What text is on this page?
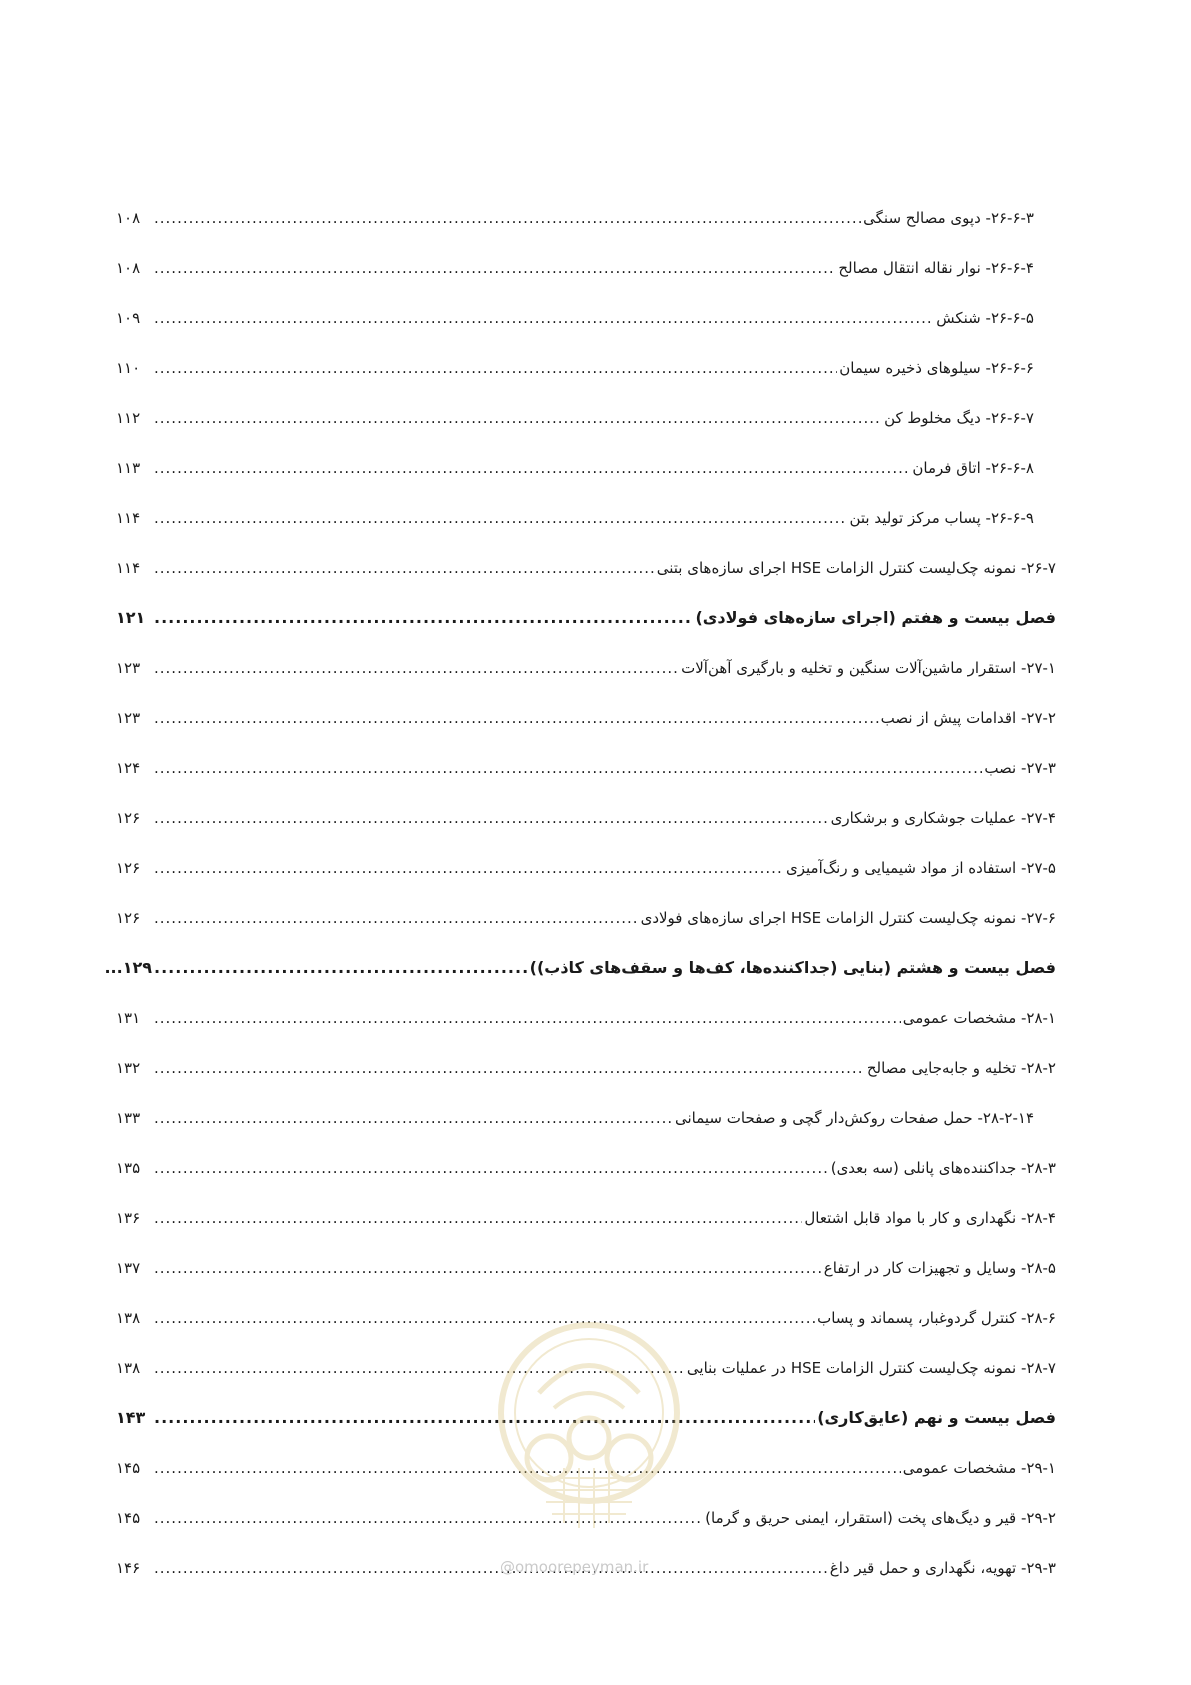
۲۶-۶-۳- دپوی مصالح سنگی
.....
۱۰۸
۲۶-۶-۴- نوار نقاله انتقال مصالح
.....
۱۰۸
۲۶-۶-۵- شنکش
.....
۱۰۹
۲۶-۶-۶- سیلوهای ذخیره سیمان
.....
۱۱۰
۲۶-۶-۷- دیگ مخلوط کن
.....
۱۱۲
۲۶-۶-۸- اتاق فرمان
.....
۱۱۳
۲۶-۶-۹- پساب مرکز تولید بتن
.....
۱۱۴
۲۶-۷- نمونه چک‌لیست کنترل الزامات HSE اجرای سازه‌های بتنی
.....
۱۱۴
فصل بیست و هفتم (اجرای سازه‌های فولادی)
.....
۱۲۱
۲۷-۱- استقرار ماشین‌آلات سنگین و تخلیه و بارگیری آهن‌آلات
.....
۱۲۳
۲۷-۲- اقدامات پیش از نصب
.....
۱۲۳
۲۷-۳- نصب
.....
۱۲۴
۲۷-۴- عملیات جوشکاری و برشکاری
.....
۱۲۶
۲۷-۵- استفاده از مواد شیمیایی و رنگ‌آمیزی
.....
۱۲۶
۲۷-۶- نمونه چک‌لیست کنترل الزامات HSE اجرای سازه‌های فولادی
.....
۱۲۶
فصل بیست و هشتم (بنایی (جداکننده‌ها، کف‌ها و سقف‌های کاذب))
.....
۱۲۹...
۲۸-۱- مشخصات عمومی
.....
۱۳۱
۲۸-۲- تخلیه و جابه‌جایی مصالح
.....
۱۳۲
۲۸-۲-۱۴- حمل صفحات روکش‌دار گچی و صفحات سیمانی
.....
۱۳۳
۲۸-۳- جداکننده‌های پانلی (سه بعدی)
.....
۱۳۵
۲۸-۴- نگهداری و کار با مواد قابل اشتعال
.....
۱۳۶
۲۸-۵- وسایل و تجهیزات کار در ارتفاع
.....
۱۳۷
۲۸-۶- کنترل گردوغبار، پسماند و پساب
.....
۱۳۸
۲۸-۷- نمونه چک‌لیست کنترل الزامات HSE در عملیات بنایی
.....
۱۳۸
فصل بیست و نهم (عایق‌کاری)
.....
۱۴۳
۲۹-۱- مشخصات عمومی
.....
۱۴۵
۲۹-۲- قیر و دیگ‌های پخت (استقرار، ایمنی حریق و گرما)
.....
۱۴۵
۲۹-۳- تهویه، نگهداری و حمل قیر داغ
.....
۱۴۶	@omoorepeyman.ir
